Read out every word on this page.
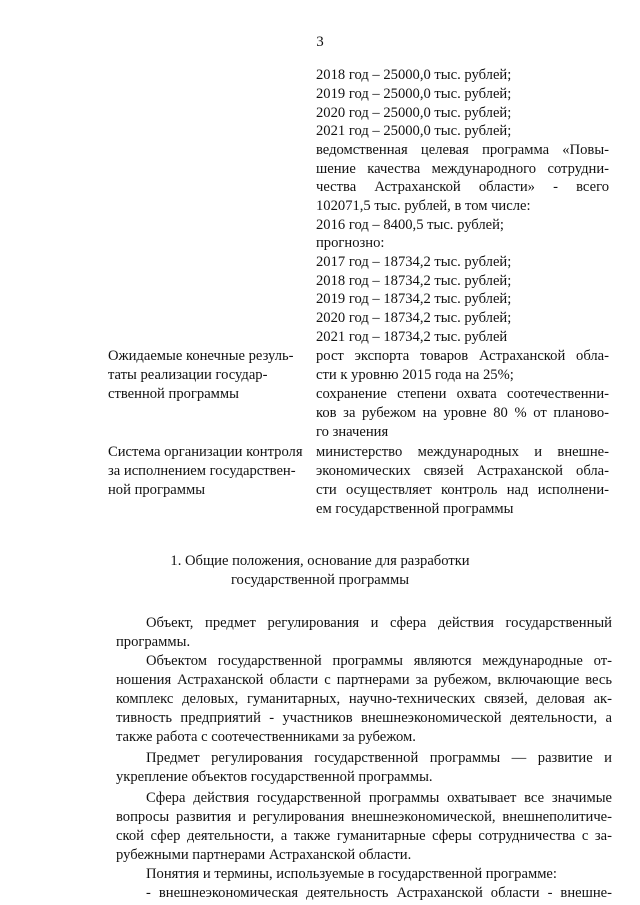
3
2018 год – 25000,0 тыс. рублей;
2019 год – 25000,0 тыс. рублей;
2020 год – 25000,0 тыс. рублей;
2021 год – 25000,0 тыс. рублей;
ведомственная целевая программа «Повы-
шение качества международного сотрудни-
чества Астраханской области» - всего
102071,5 тыс. рублей, в том числе:
2016 год – 8400,5 тыс. рублей;
прогнозно:
2017 год – 18734,2 тыс. рублей;
2018 год – 18734,2 тыс. рублей;
2019 год – 18734,2 тыс. рублей;
2020 год – 18734,2 тыс. рублей;
2021 год – 18734,2 тыс. рублей
Ожидаемые конечные резуль-
таты реализации государ-
ственной программы
рост экспорта товаров Астраханской обла-
сти к уровню 2015 года на 25%;
сохранение степени охвата соотечественни-
ков за рубежом на уровне 80 % от планово-
го значения
Система организации контроля
за исполнением государствен-
ной программы
министерство международных и внешне-
экономических связей Астраханской обла-
сти осуществляет контроль над исполнени-
ем государственной программы
1. Общие положения, основание для разработки
государственной программы
Объект, предмет регулирования и сфера действия государственный
программы.
Объектом государственной программы являются международные от-
ношения Астраханской области с партнерами за рубежом, включающие весь
комплекс деловых, гуманитарных, научно-технических связей, деловая ак-
тивность предприятий - участников внешнеэкономической деятельности, а
также работа с соотечественниками за рубежом.
Предмет регулирования государственной программы — развитие и
укрепление объектов государственной программы.
Сфера действия государственной программы охватывает все значимые
вопросы развития и регулирования внешнеэкономической, внешнеполитиче-
ской сфер деятельности, а также гуманитарные сферы сотрудничества с за-
рубежными партнерами Астраханской области.
Понятия и термины, используемые в государственной программе:
- внешнеэкономическая деятельность Астраханской области - внешне-
